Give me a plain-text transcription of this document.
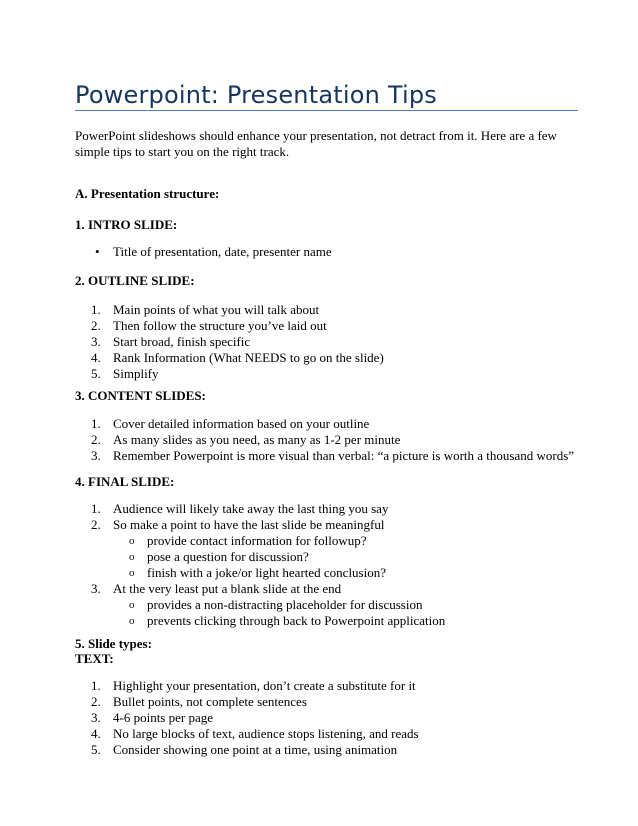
Powerpoint: Presentation Tips
PowerPoint slideshows should enhance your presentation, not detract from it. Here are a few simple tips to start you on the right track.
A. Presentation structure:
1. INTRO SLIDE:
• Title of presentation, date, presenter name
2. OUTLINE SLIDE:
1. Main points of what you will talk about
2. Then follow the structure you’ve laid out
3. Start broad, finish specific
4. Rank Information (What NEEDS to go on the slide)
5. Simplify
3. CONTENT SLIDES:
1. Cover detailed information based on your outline
2. As many slides as you need, as many as 1-2 per minute
3. Remember Powerpoint is more visual than verbal: “a picture is worth a thousand words”
4. FINAL SLIDE:
1. Audience will likely take away the last thing you say
2. So make a point to have the last slide be meaningful
o provide contact information for followup?
o pose a question for discussion?
o finish with a joke/or light hearted conclusion?
3. At the very least put a blank slide at the end
o provides a non-distracting placeholder for discussion
o prevents clicking through back to Powerpoint application
5. Slide types:
TEXT:
1. Highlight your presentation, don’t create a substitute for it
2. Bullet points, not complete sentences
3. 4-6 points per page
4. No large blocks of text, audience stops listening, and reads
5. Consider showing one point at a time, using animation
